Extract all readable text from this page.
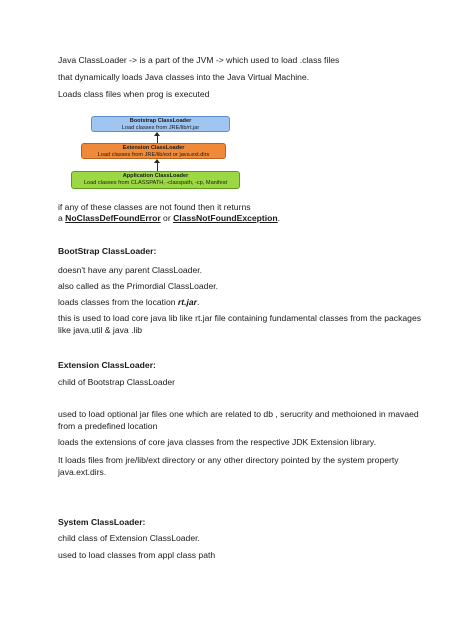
Java ClassLoader -> is a part of the JVM -> which used to load .class files
that dynamically loads Java classes into the Java Virtual Machine.
Loads class files when prog is executed
Bootstrap ClassLoader
Load classes from JRE/lib/rt.jar
Extension ClassLoader
Load classes from JRE/lib/ext or java.ext.dirs
Application ClassLoader
Load classes from CLASSPATH, -classpath, -cp, Manifest
if any of these classes are not found then it returns
a NoClassDefFoundError or ClassNotFoundException.
BootStrap ClassLoader:
doesn't have any parent ClassLoader.
also called as the Primordial ClassLoader.
loads classes from the location rt.jar.
this is used to load core java lib like rt.jar file containing fundamental classes from the packages like java.util & java .lib
Extension ClassLoader:
child of Bootstrap ClassLoader
used to load optional jar files one which are related to db , serucrity and methoioned in mavaed from a predefined location
loads the extensions of core java classes from the respective JDK Extension library.
It loads files from jre/lib/ext directory or any other directory pointed by the system property java.ext.dirs.
System ClassLoader:
child class of Extension ClassLoader.
used to load classes from appl class path
